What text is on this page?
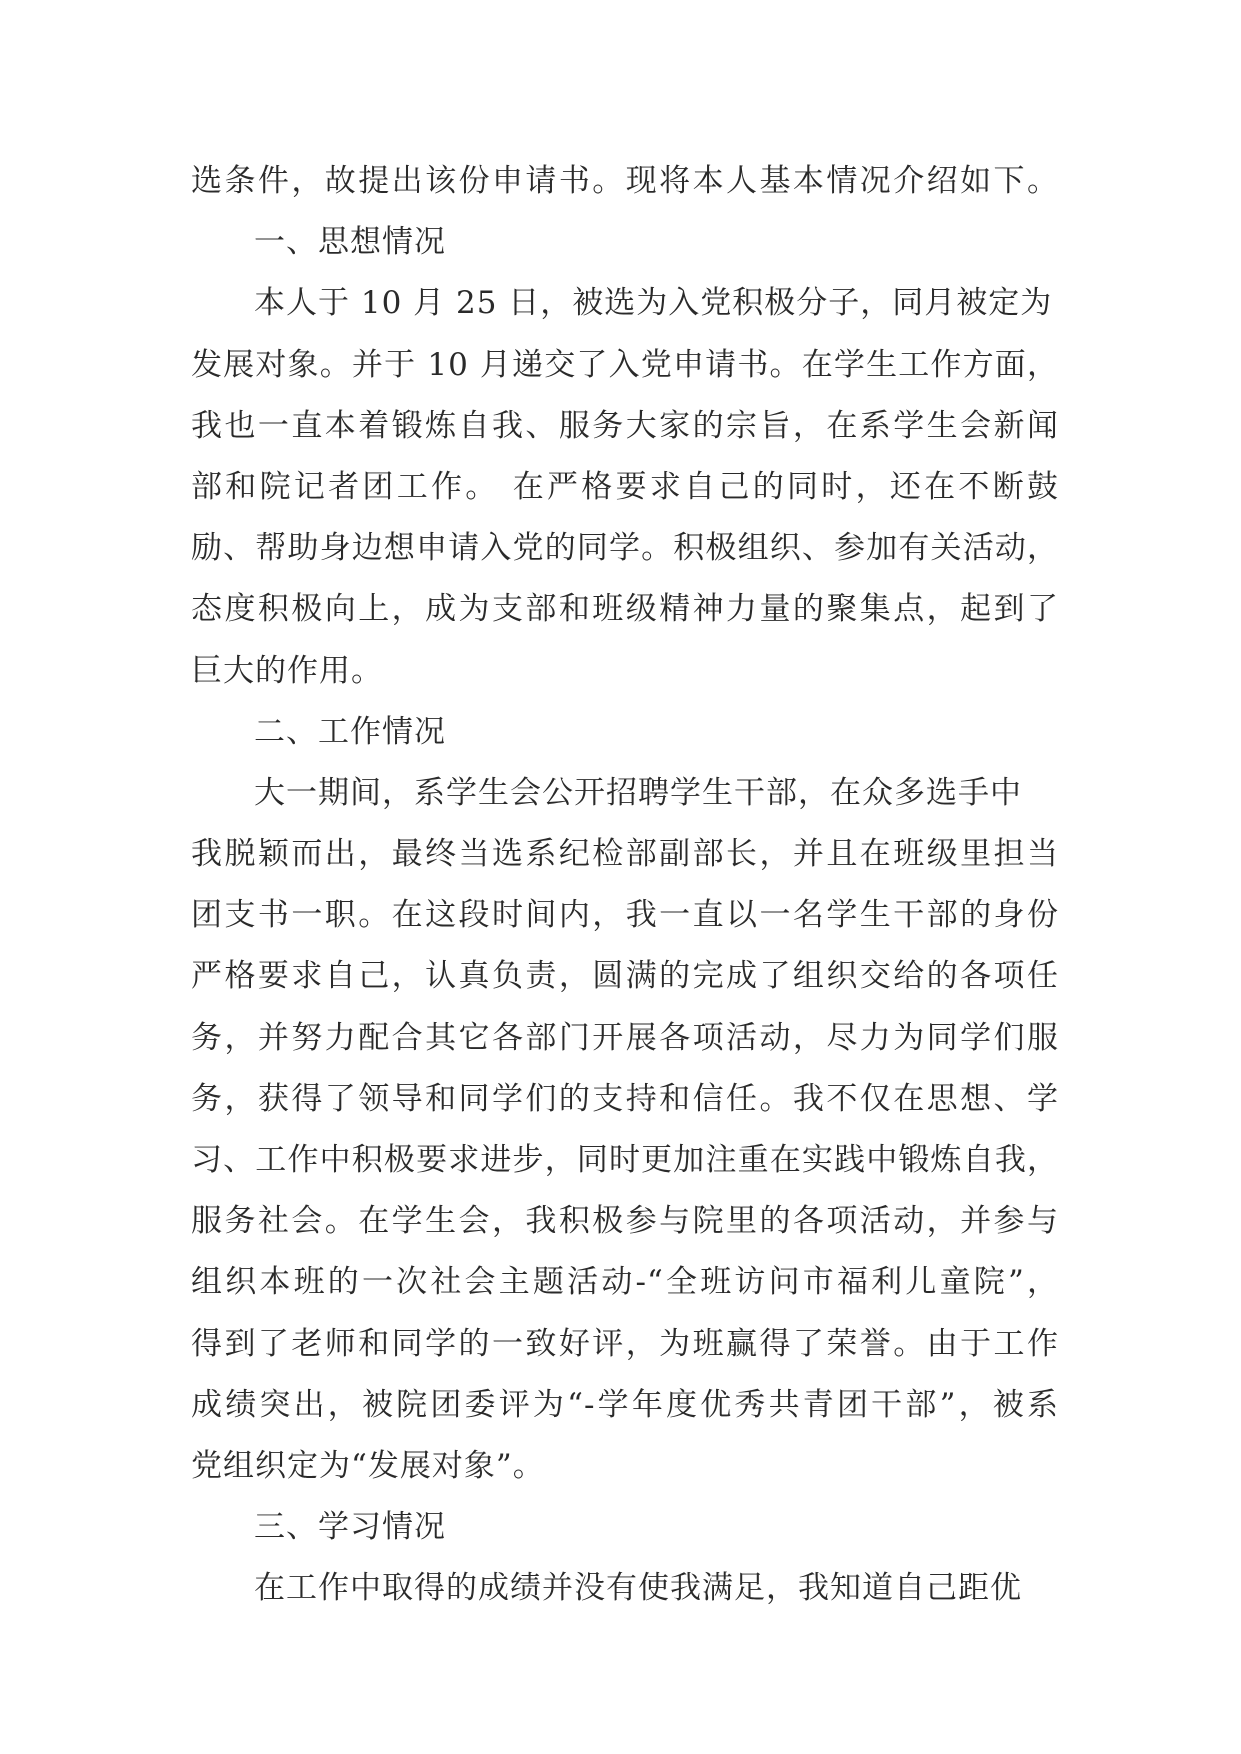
选条件，故提出该份申请书。现将本人基本情况介绍如下。
一、思想情况
本人于 10 月 25 日，被选为入党积极分子，同月被定为
发展对象。并于 10 月递交了入党申请书。在学生工作方面，
我也一直本着锻炼自我、服务大家的宗旨，在系学生会新闻
部和院记者团工作。 在严格要求自己的同时，还在不断鼓
励、帮助身边想申请入党的同学。积极组织、参加有关活动，
态度积极向上，成为支部和班级精神力量的聚集点，起到了
巨大的作用。
二、工作情况
大一期间，系学生会公开招聘学生干部，在众多选手中
我脱颖而出，最终当选系纪检部副部长，并且在班级里担当
团支书一职。在这段时间内，我一直以一名学生干部的身份
严格要求自己，认真负责，圆满的完成了组织交给的各项任
务，并努力配合其它各部门开展各项活动，尽力为同学们服
务，获得了领导和同学们的支持和信任。我不仅在思想、学
习、工作中积极要求进步，同时更加注重在实践中锻炼自我，
服务社会。在学生会，我积极参与院里的各项活动，并参与
组织本班的一次社会主题活动-“全班访问市福利儿童院”，
得到了老师和同学的一致好评，为班赢得了荣誉。由于工作
成绩突出，被院团委评为“-学年度优秀共青团干部”，被系
党组织定为“发展对象”。
三、学习情况
在工作中取得的成绩并没有使我满足，我知道自己距优
